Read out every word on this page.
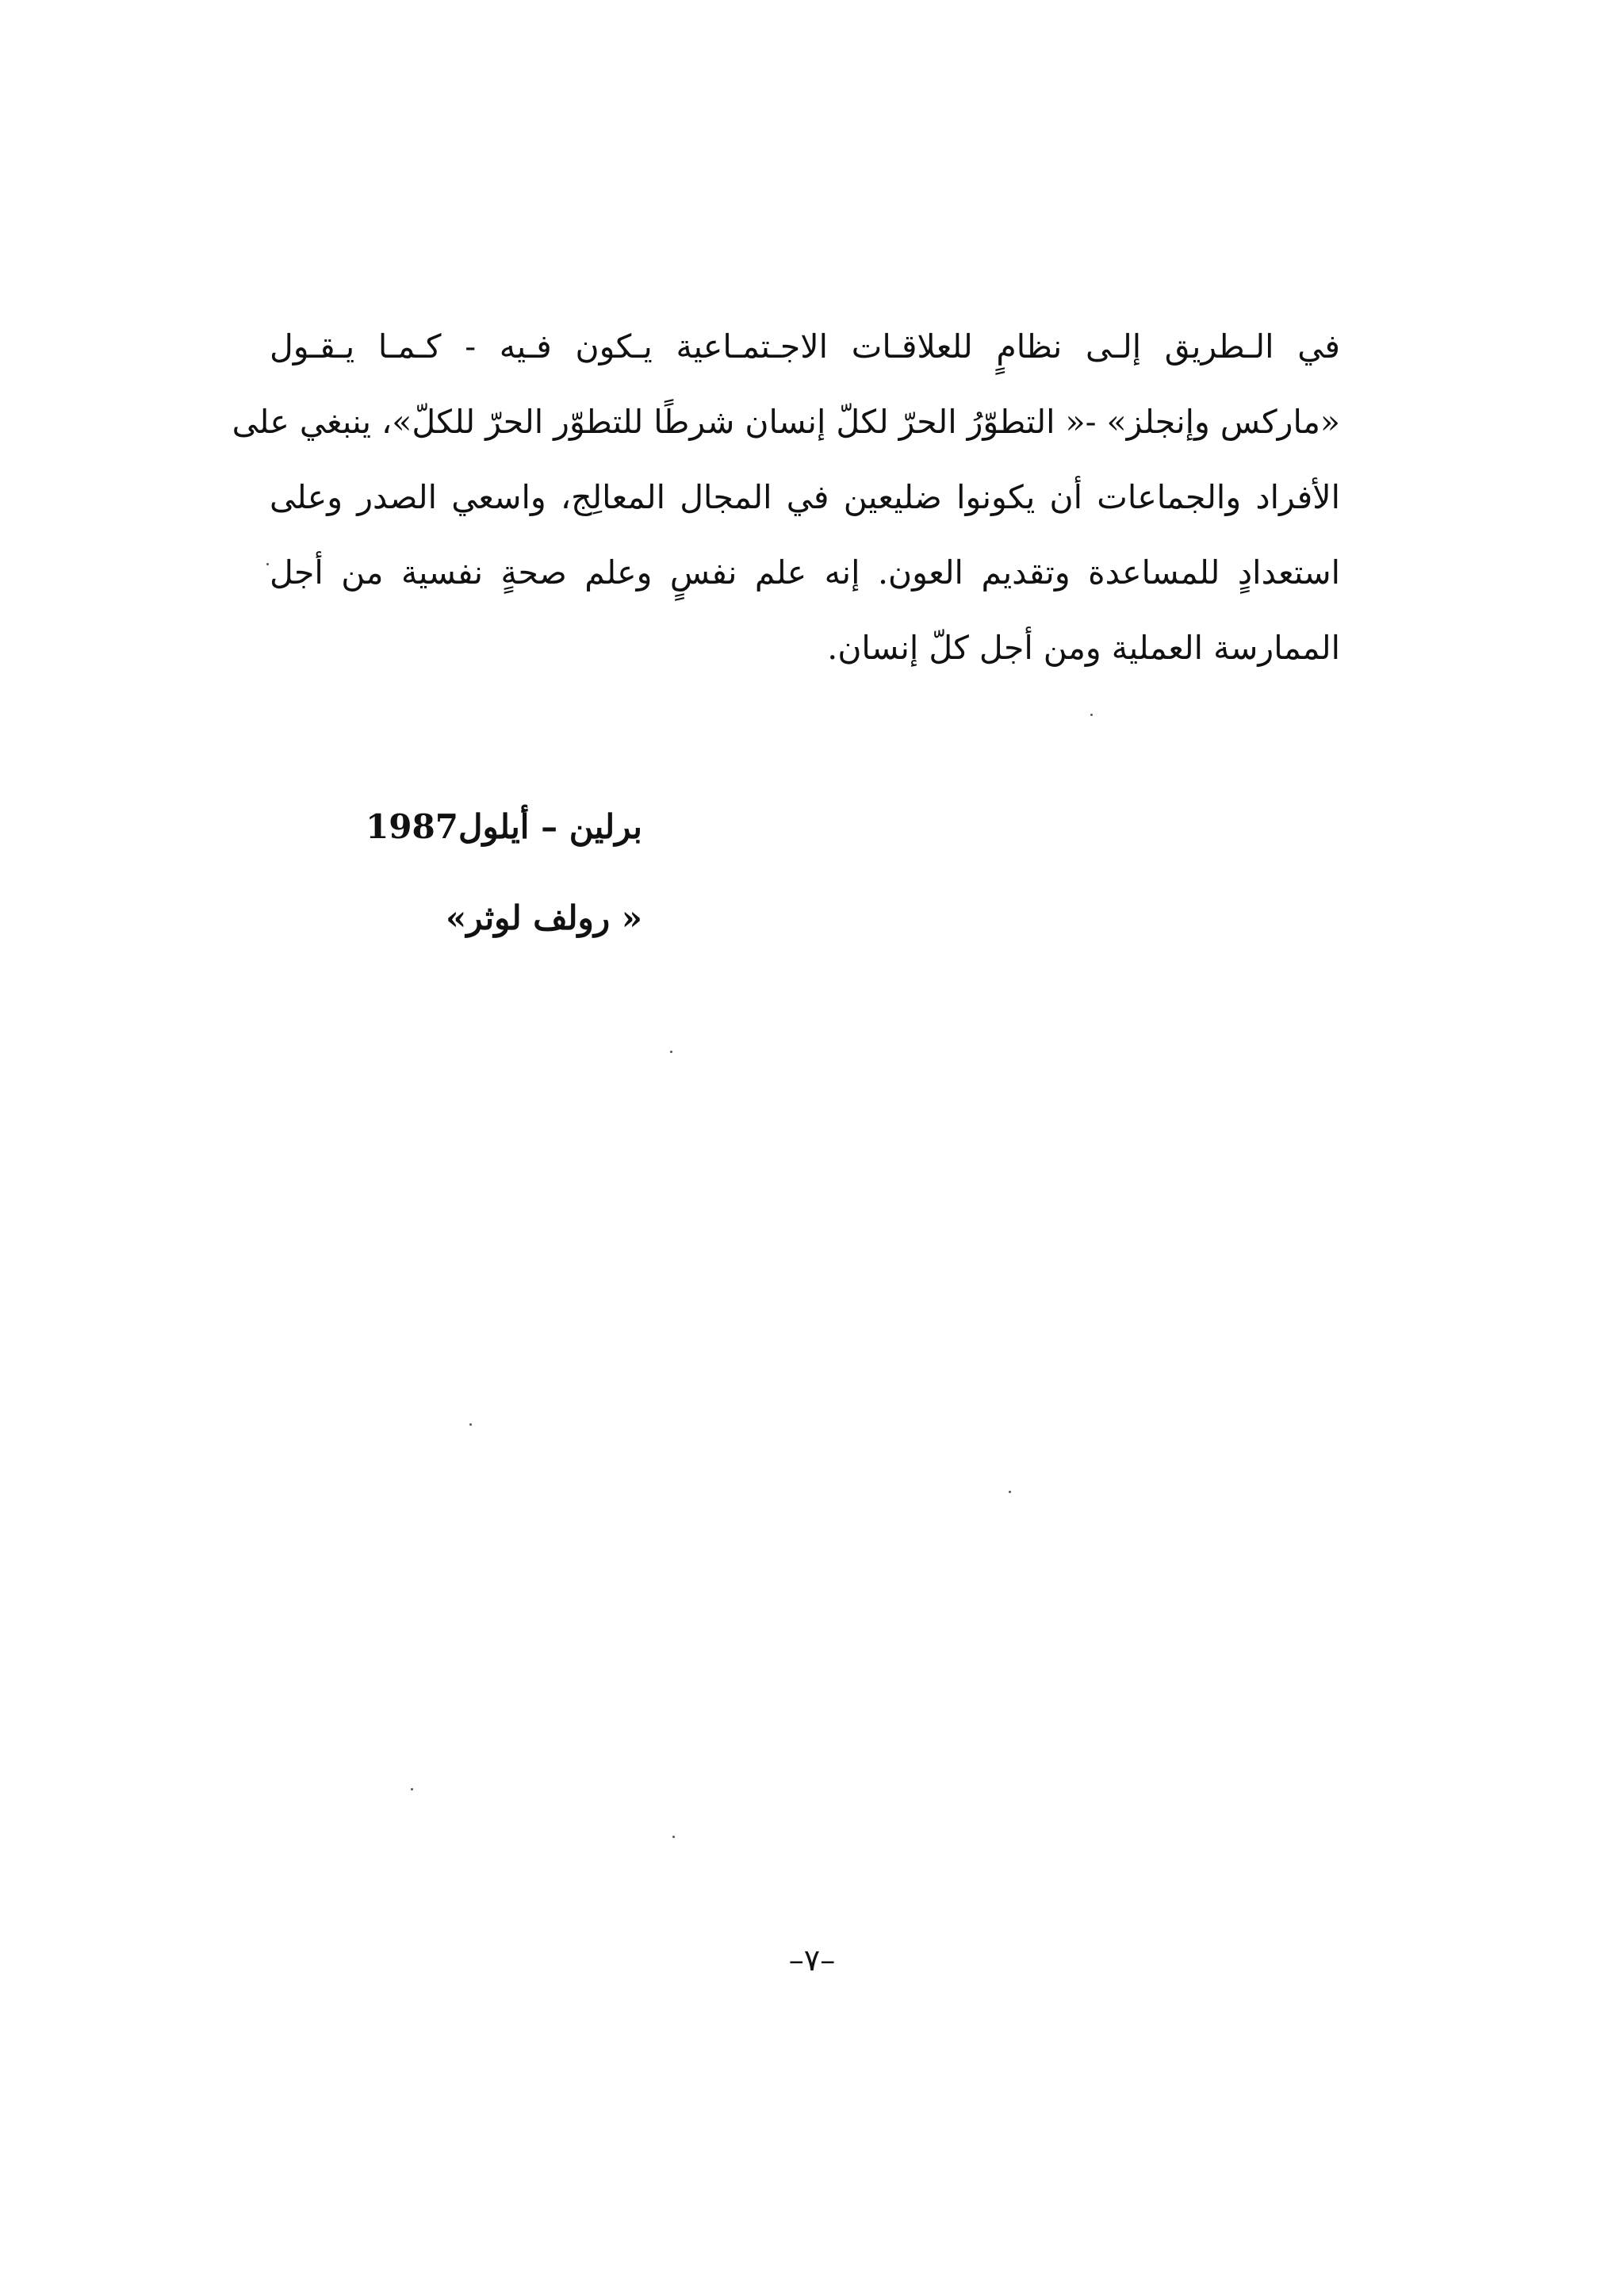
في الـطريق إلـى نظامٍ للعلاقـات الاجـتمـاعية يـكون فـيه - كـمـا يـقـول
«ماركس وإنجلز» -« التطوّرُ الحرّ لكلّ إنسان شرطًا للتطوّر الحرّ للكلّ»، ينبغي على
الأفراد والجماعات أن يكونوا ضليعين في المجال المعالِج، واسعي الصدر وعلى
استعدادٍ للمساعدة وتقديم العون. إنه علم نفسٍ وعلم صحةٍ نفسية من أجل
الممارسة العملية ومن أجل كلّ إنسان.
برلين – أيلول1987
« رولف لوثر»
–٧–
